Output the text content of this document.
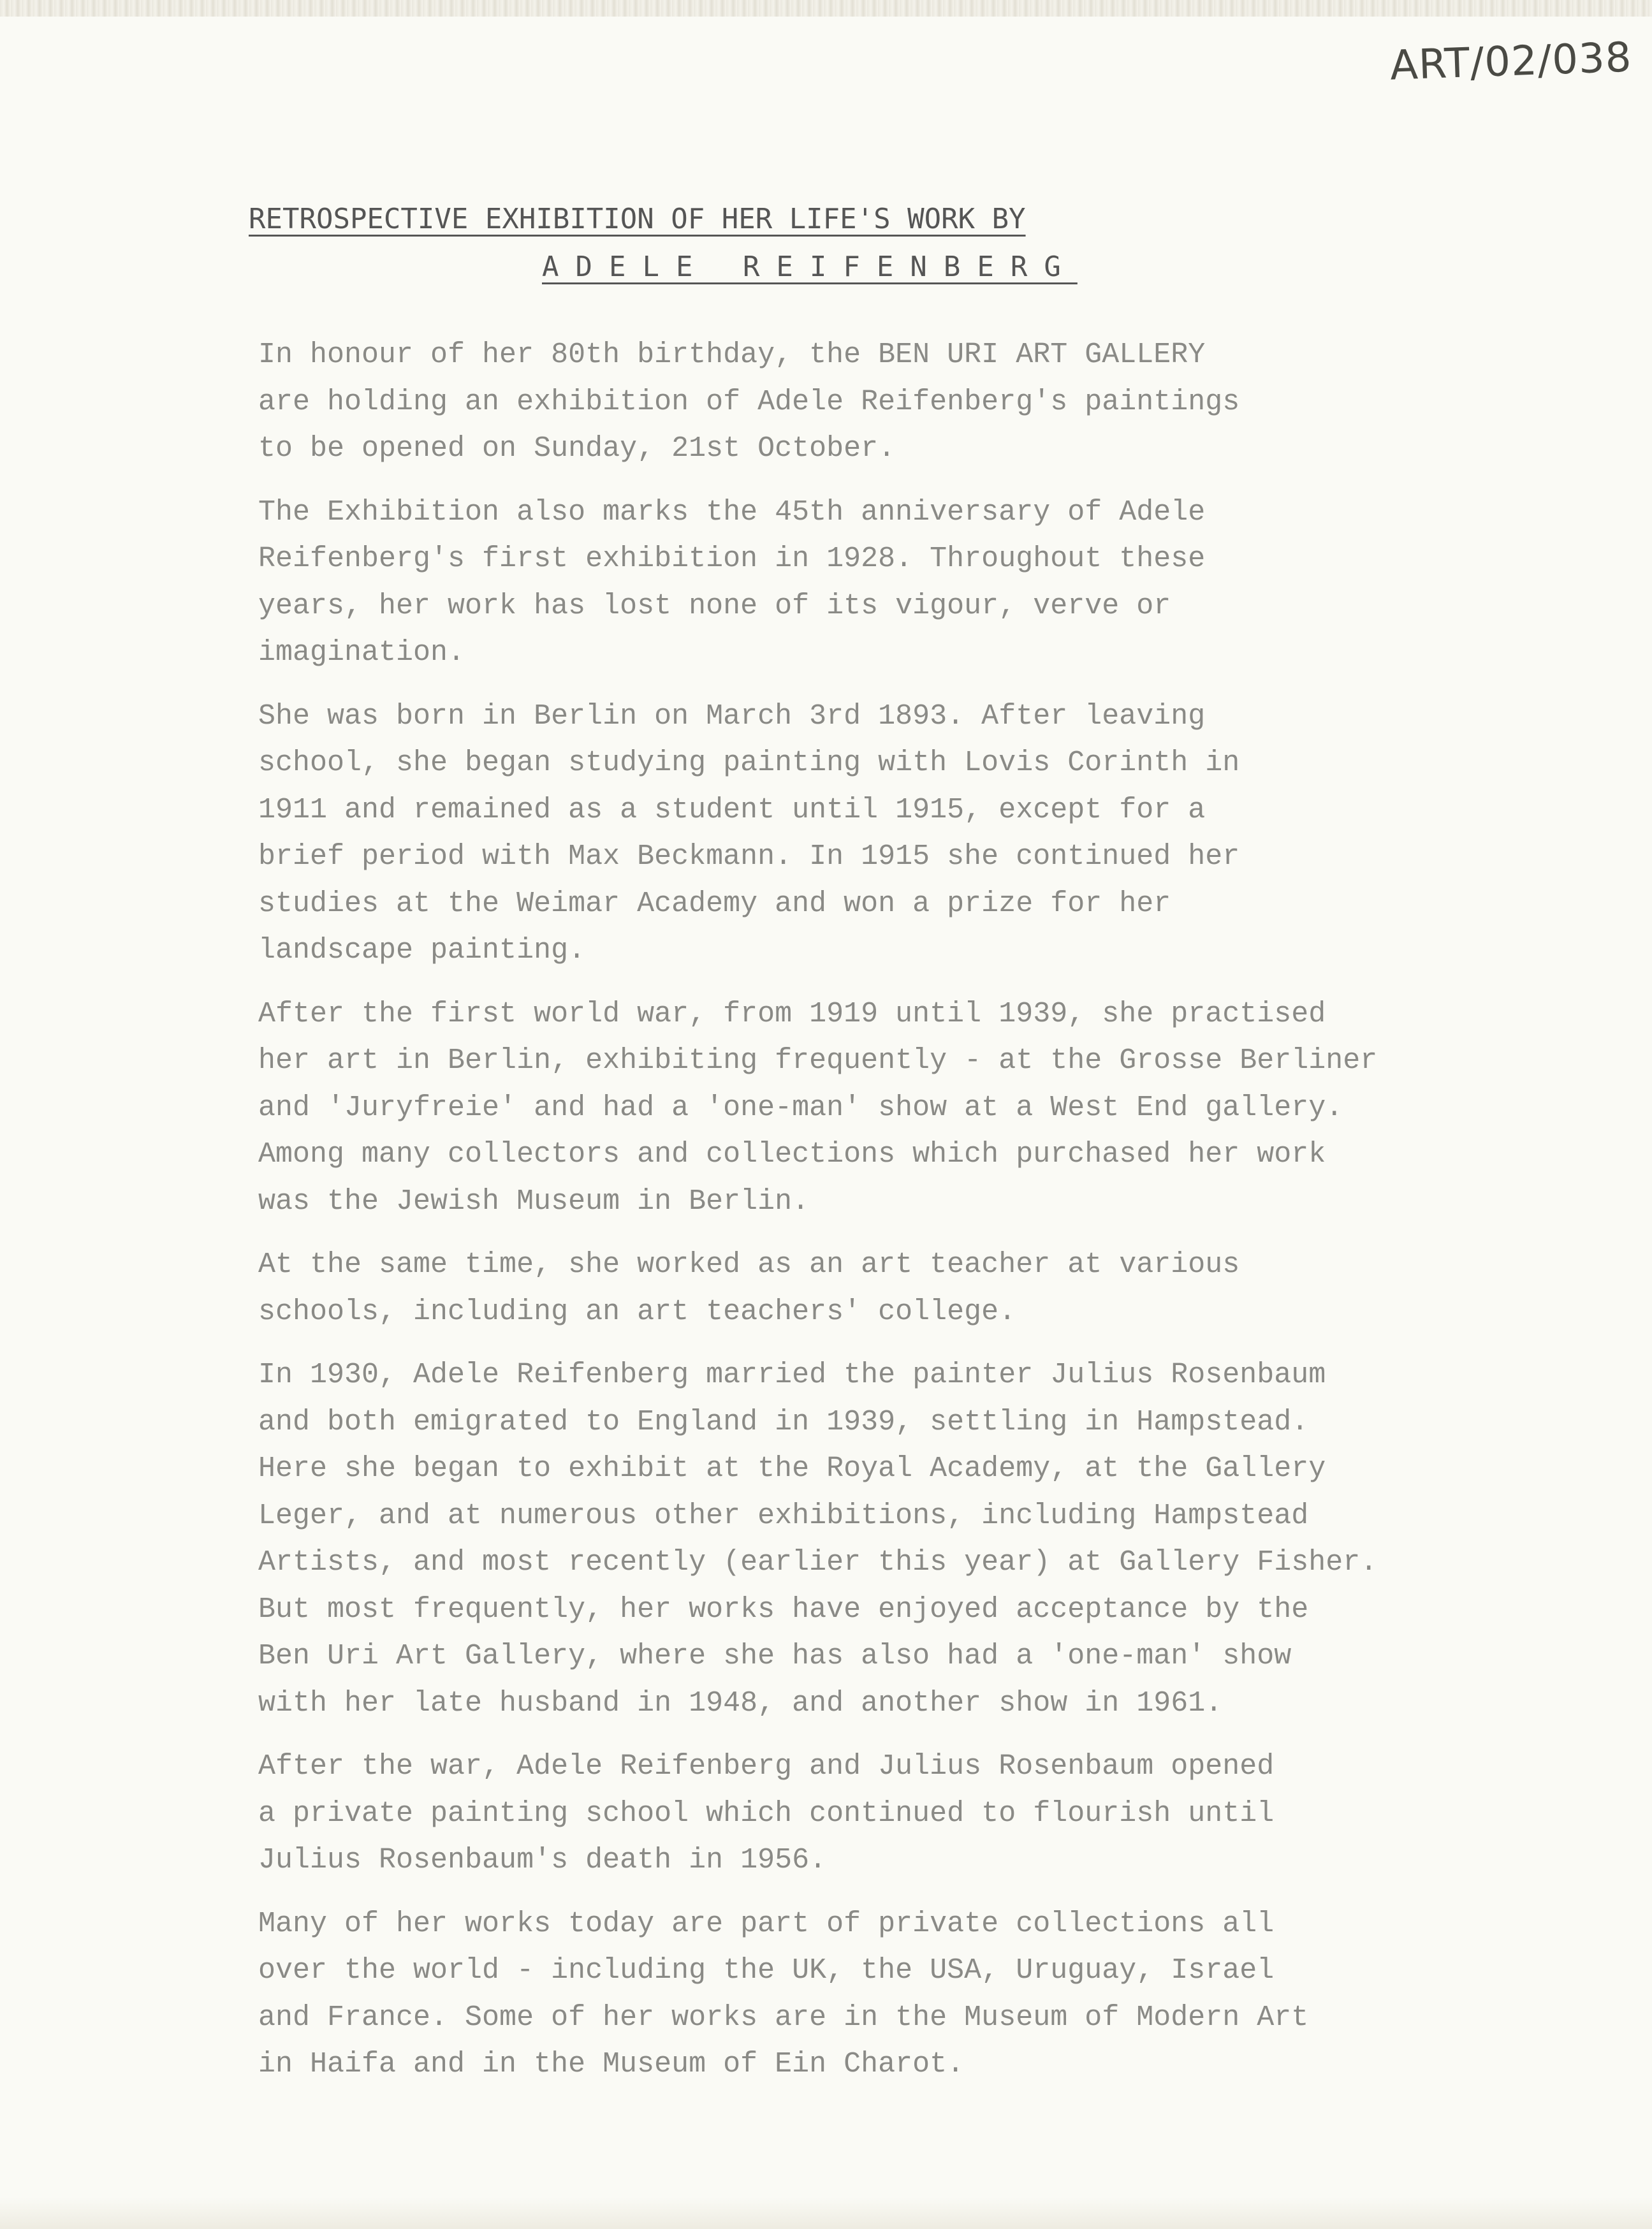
ART/02/038
RETROSPECTIVE EXHIBITION OF HER LIFE'S WORK BY
ADELE REIFENBERG

In honour of her 80th birthday, the BEN URI ART GALLERY
are holding an exhibition of Adele Reifenberg's paintings
to be opened on Sunday, 21st October.

The Exhibition also marks the 45th anniversary of Adele
Reifenberg's first exhibition in 1928. Throughout these
years, her work has lost none of its vigour, verve or
imagination.

She was born in Berlin on March 3rd 1893. After leaving
school, she began studying painting with Lovis Corinth in
1911 and remained as a student until 1915, except for a
brief period with Max Beckmann. In 1915 she continued her
studies at the Weimar Academy and won a prize for her
landscape painting.

After the first world war, from 1919 until 1939, she practised
her art in Berlin, exhibiting frequently - at the Grosse Berliner
and 'Juryfreie' and had a 'one-man' show at a West End gallery.
Among many collectors and collections which purchased her work
was the Jewish Museum in Berlin.

At the same time, she worked as an art teacher at various
schools, including an art teachers' college.

In 1930, Adele Reifenberg married the painter Julius Rosenbaum
and both emigrated to England in 1939, settling in Hampstead.
Here she began to exhibit at the Royal Academy, at the Gallery
Leger, and at numerous other exhibitions, including Hampstead
Artists, and most recently (earlier this year) at Gallery Fisher.
But most frequently, her works have enjoyed acceptance by the
Ben Uri Art Gallery, where she has also had a 'one-man' show
with her late husband in 1948, and another show in 1961.

After the war, Adele Reifenberg and Julius Rosenbaum opened
a private painting school which continued to flourish until
Julius Rosenbaum's death in 1956.

Many of her works today are part of private collections all
over the world - including the UK, the USA, Uruguay, Israel
and France. Some of her works are in the Museum of Modern Art
in Haifa and in the Museum of Ein Charot.
